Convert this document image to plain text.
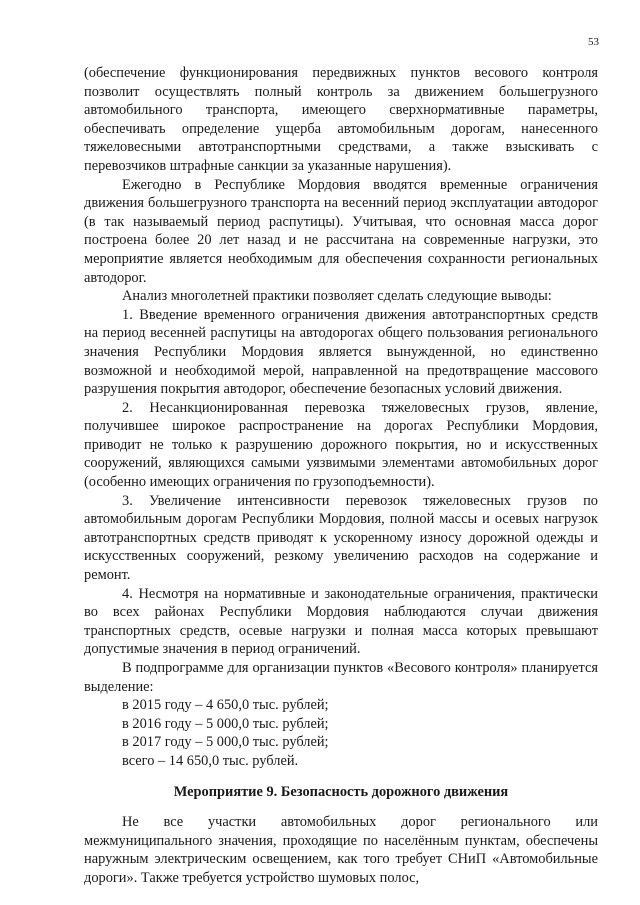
53

(обеспечение функционирования передвижных пунктов весового контроля позволит осуществлять полный контроль за движением большегрузного автомобильного транспорта, имеющего сверхнормативные параметры, обеспечивать определение ущерба автомобильным дорогам, нанесенного тяжеловесными автотранспортными средствами, а также взыскивать с перевозчиков штрафные санкции за указанные нарушения).

Ежегодно в Республике Мордовия вводятся временные ограничения движения большегрузного транспорта на весенний период эксплуатации автодорог (в так называемый период распутицы). Учитывая, что основная масса дорог построена более 20 лет назад и не рассчитана на современные нагрузки, это мероприятие является необходимым для обеспечения сохранности региональных автодорог.

Анализ многолетней практики позволяет сделать следующие выводы:

1. Введение временного ограничения движения автотранспортных средств на период весенней распутицы на автодорогах общего пользования регионального значения Республики Мордовия является вынужденной, но единственно возможной и необходимой мерой, направленной на предотвращение массового разрушения покрытия автодорог, обеспечение безопасных условий движения.

2. Несанкционированная перевозка тяжеловесных грузов, явление, получившее широкое распространение на дорогах Республики Мордовия, приводит не только к разрушению дорожного покрытия, но и искусственных сооружений, являющихся самыми уязвимыми элементами автомобильных дорог (особенно имеющих ограничения по грузоподъемности).

3. Увеличение интенсивности перевозок тяжеловесных грузов по автомобильным дорогам Республики Мордовия, полной массы и осевых нагрузок автотранспортных средств приводят к ускоренному износу дорожной одежды и искусственных сооружений, резкому увеличению расходов на содержание и ремонт.

4. Несмотря на нормативные и законодательные ограничения, практически во всех районах Республики Мордовия наблюдаются случаи движения транспортных средств, осевые нагрузки и полная масса которых превышают допустимые значения в период ограничений.

В подпрограмме для организации пунктов «Весового контроля» планируется выделение:

в 2015 году – 4 650,0 тыс. рублей;

в 2016 году – 5 000,0 тыс. рублей;

в 2017 году – 5 000,0 тыс. рублей;

всего – 14 650,0 тыс. рублей.

Мероприятие 9. Безопасность дорожного движения

Не все участки автомобильных дорог регионального или межмуниципального значения, проходящие по населённым пунктам, обеспечены наружным электрическим освещением, как того требует СНиП «Автомобильные дороги». Также требуется устройство шумовых полос,
